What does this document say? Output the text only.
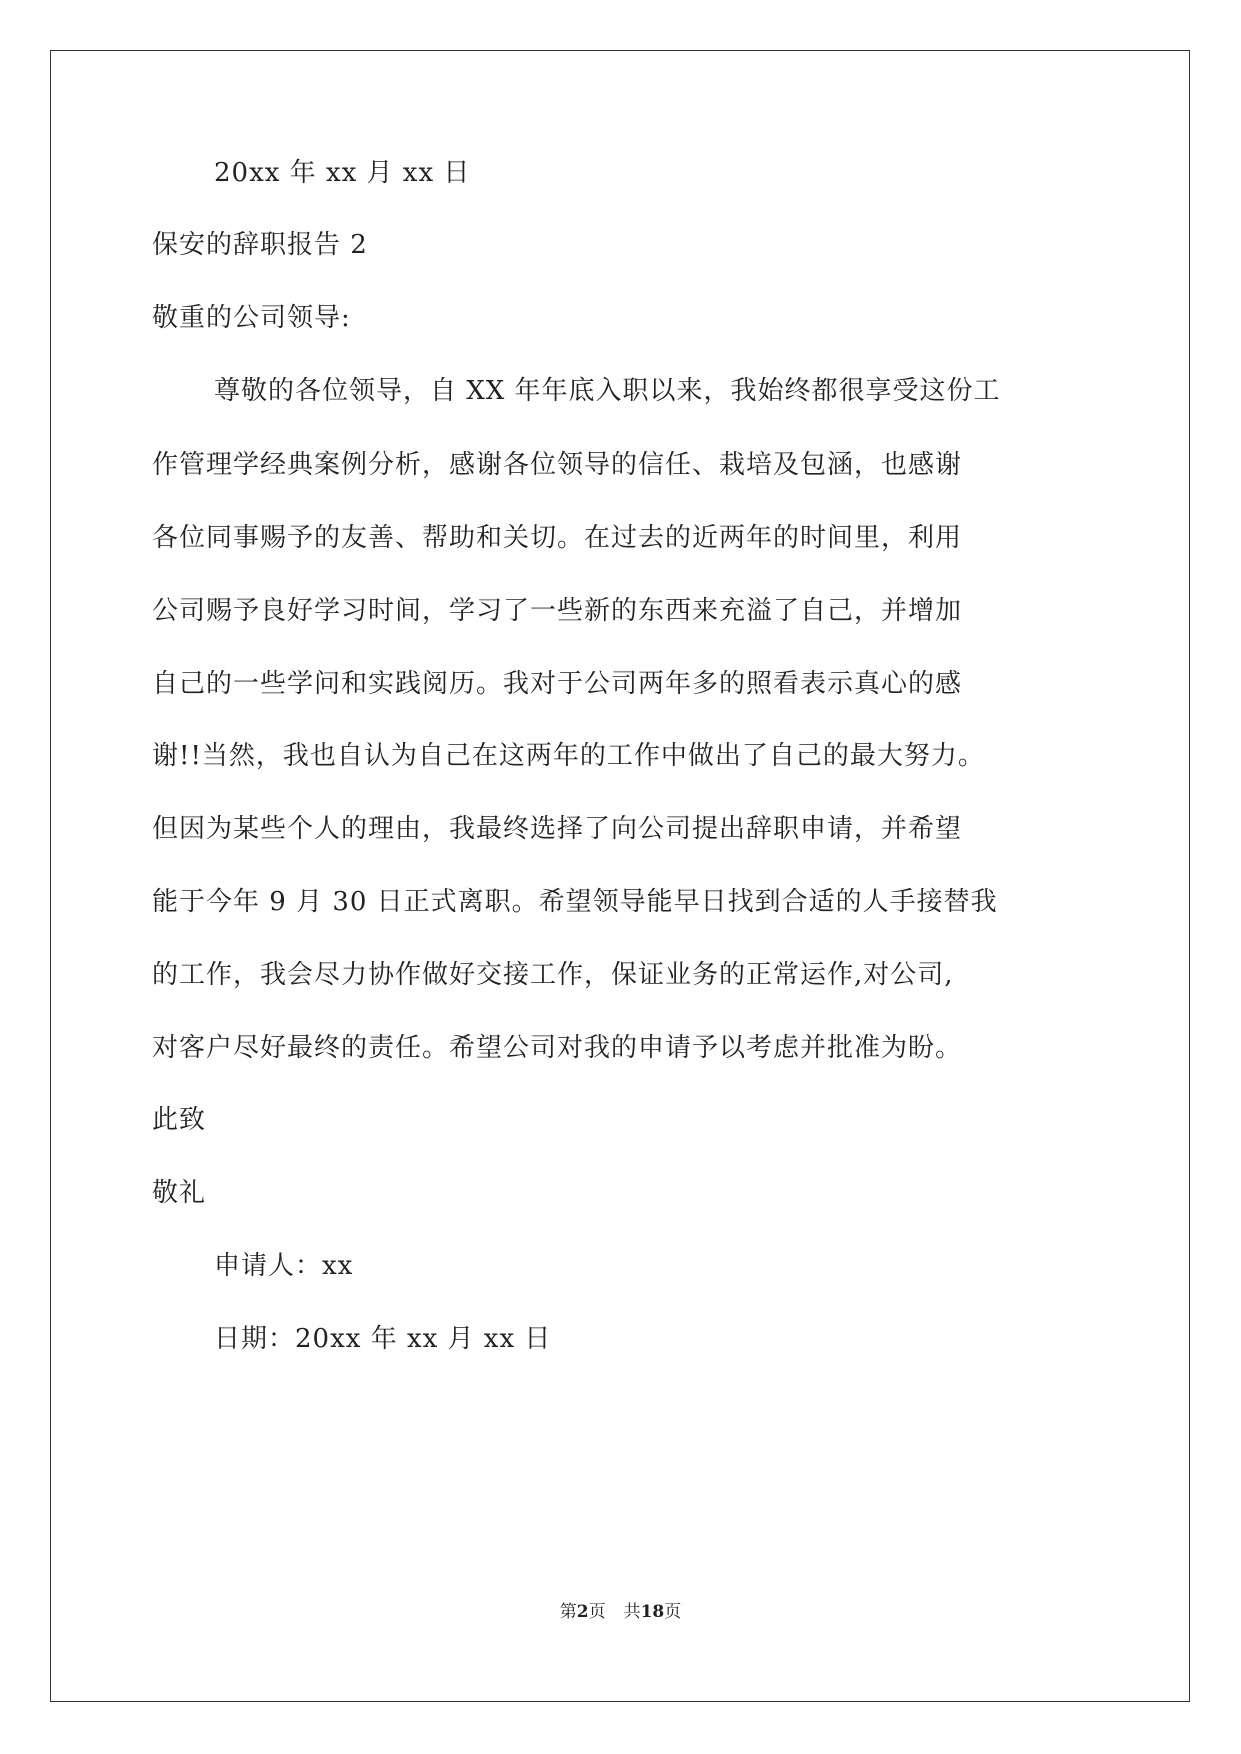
20xx 年 xx 月 xx 日
保安的辞职报告 2
敬重的公司领导:
尊敬的各位领导，自 XX 年年底入职以来，我始终都很享受这份工
作管理学经典案例分析，感谢各位领导的信任、栽培及包涵，也感谢
各位同事赐予的友善、帮助和关切。在过去的近两年的时间里，利用
公司赐予良好学习时间，学习了一些新的东西来充溢了自己，并增加
自己的一些学问和实践阅历。我对于公司两年多的照看表示真心的感
谢!!当然，我也自认为自己在这两年的工作中做出了自己的最大努力。
但因为某些个人的理由，我最终选择了向公司提出辞职申请，并希望
能于今年 9 月 30 日正式离职。希望领导能早日找到合适的人手接替我
的工作，我会尽力协作做好交接工作，保证业务的正常运作,对公司,
对客户尽好最终的责任。希望公司对我的申请予以考虑并批准为盼。
此致
敬礼
申请人：xx
日期：20xx 年 xx 月 xx 日
第2页 共18页
